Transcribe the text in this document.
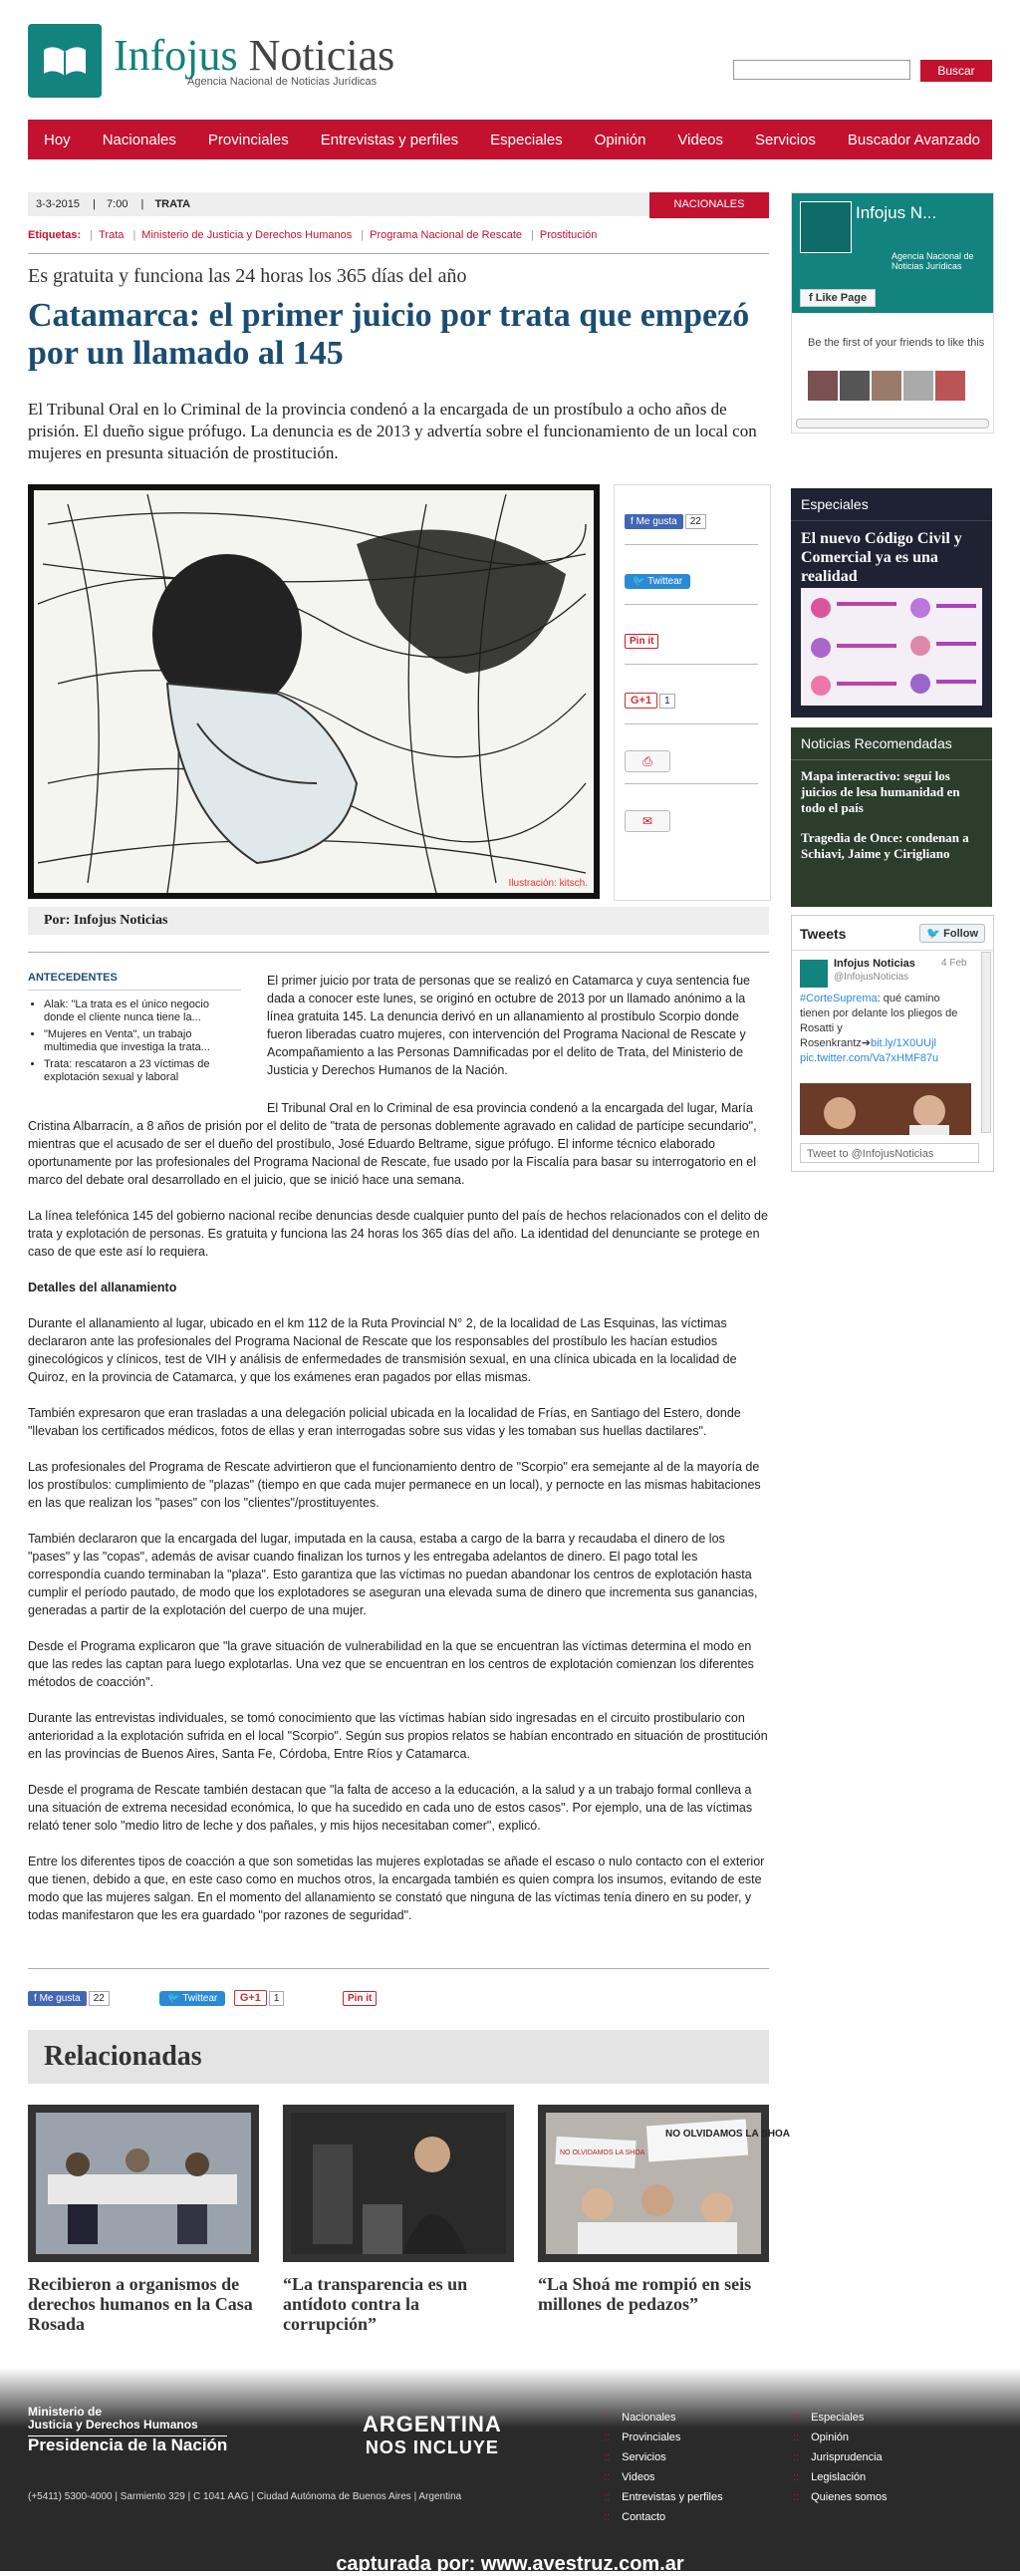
Infojus Noticias
Agencia Nacional de Noticias Jurídicas
Buscar
Hoy	Nacionales	Provinciales	Entrevistas y perfiles	Especiales	Opinión	Videos	Servicios	Buscador Avanzado
3-3-2015 | 7:00 | TRATA	NACIONALES
Etiquetas: | Trata | Ministerio de Justicia y Derechos Humanos | Programa Nacional de Rescate | Prostitución
Es gratuita y funciona las 24 horas los 365 días del año
Catamarca: el primer juicio por trata que empezó por un llamado al 145
El Tribunal Oral en lo Criminal de la provincia condenó a la encargada de un prostíbulo a ocho años de prisión. El dueño sigue prófugo. La denuncia es de 2013 y advertía sobre el funcionamiento de un local con mujeres en presunta situación de prostitución.
Ilustración: kitsch.
f Me gusta 22
🐦 Twittear
Pin it
G+1 1
⎙
✉
Por: Infojus Noticias
ANTECEDENTES
• Alak: "La trata es el único negocio donde el cliente nunca tiene la...
• "Mujeres en Venta", un trabajo multimedia que investiga la trata...
• Trata: rescataron a 23 víctimas de explotación sexual y laboral

El primer juicio por trata de personas que se realizó en Catamarca y cuya sentencia fue dada a conocer este lunes, se originó en octubre de 2013 por un llamado anónimo a la línea gratuita 145. La denuncia derivó en un allanamiento al prostíbulo Scorpio donde fueron liberadas cuatro mujeres, con intervención del Programa Nacional de Rescate y Acompañamiento a las Personas Damnificadas por el delito de Trata, del Ministerio de Justicia y Derechos Humanos de la Nación.

El Tribunal Oral en lo Criminal de esa provincia condenó a la encargada del lugar, María Cristina Albarracín, a 8 años de prisión por el delito de "trata de personas doblemente agravado en calidad de partícipe secundario", mientras que el acusado de ser el dueño del prostíbulo, José Eduardo Beltrame, sigue prófugo. El informe técnico elaborado oportunamente por las profesionales del Programa Nacional de Rescate, fue usado por la Fiscalía para basar su interrogatorio en el marco del debate oral desarrollado en el juicio, que se inició hace una semana.

La línea telefónica 145 del gobierno nacional recibe denuncias desde cualquier punto del país de hechos relacionados con el delito de trata y explotación de personas. Es gratuita y funciona las 24 horas los 365 días del año. La identidad del denunciante se protege en caso de que este así lo requiera.

Detalles del allanamiento

Durante el allanamiento al lugar, ubicado en el km 112 de la Ruta Provincial N° 2, de la localidad de Las Esquinas, las víctimas declararon ante las profesionales del Programa Nacional de Rescate que los responsables del prostíbulo les hacían estudios ginecológicos y clínicos, test de VIH y análisis de enfermedades de transmisión sexual, en una clínica ubicada en la localidad de Quiroz, en la provincia de Catamarca, y que los exámenes eran pagados por ellas mismas.

También expresaron que eran trasladas a una delegación policial ubicada en la localidad de Frías, en Santiago del Estero, donde "llevaban los certificados médicos, fotos de ellas y eran interrogadas sobre sus vidas y les tomaban sus huellas dactilares".

Las profesionales del Programa de Rescate advirtieron que el funcionamiento dentro de "Scorpio" era semejante al de la mayoría de los prostíbulos: cumplimiento de "plazas" (tiempo en que cada mujer permanece en un local), y pernocte en las mismas habitaciones en las que realizan los "pases" con los "clientes"/prostituyentes.

También declararon que la encargada del lugar, imputada en la causa, estaba a cargo de la barra y recaudaba el dinero de los "pases" y las "copas", además de avisar cuando finalizan los turnos y les entregaba adelantos de dinero. El pago total les correspondía cuando terminaban la "plaza". Esto garantiza que las víctimas no puedan abandonar los centros de explotación hasta cumplir el período pautado, de modo que los explotadores se aseguran una elevada suma de dinero que incrementa sus ganancias, generadas a partir de la explotación del cuerpo de una mujer.

Desde el Programa explicaron que "la grave situación de vulnerabilidad en la que se encuentran las víctimas determina el modo en que las redes las captan para luego explotarlas. Una vez que se encuentran en los centros de explotación comienzan los diferentes métodos de coacción".

Durante las entrevistas individuales, se tomó conocimiento que las víctimas habían sido ingresadas en el circuito prostibulario con anterioridad a la explotación sufrida en el local "Scorpio". Según sus propios relatos se habían encontrado en situación de prostitución en las provincias de Buenos Aires, Santa Fe, Córdoba, Entre Ríos y Catamarca.

Desde el programa de Rescate también destacan que "la falta de acceso a la educación, a la salud y a un trabajo formal conlleva a una situación de extrema necesidad económica, lo que ha sucedido en cada uno de estos casos". Por ejemplo, una de las víctimas relató tener solo "medio litro de leche y dos pañales, y mis hijos necesitaban comer", explicó.

Entre los diferentes tipos de coacción a que son sometidas las mujeres explotadas se añade el escaso o nulo contacto con el exterior que tienen, debido a que, en este caso como en muchos otros, la encargada también es quien compra los insumos, evitando de este modo que las mujeres salgan. En el momento del allanamiento se constató que ninguna de las víctimas tenía dinero en su poder, y todas manifestaron que les era guardado "por razones de seguridad".

f Me gusta 22	🐦 Twittear G+1 1	Pin it
Relacionadas
Recibieron a organismos de derechos humanos en la Casa Rosada
“La transparencia es un antídoto contra la corrupción”
NO OLVIDAMOS LA SHOA
NO OLVIDAMOS LA SHOA
“La Shoá me rompió en seis millones de pedazos”
Infojus N...
Agencia Nacional de Noticias Jurídicas
f Like Page
Be the first of your friends to like this
Especiales
El nuevo Código Civil y Comercial ya es una realidad
Noticias Recomendadas
Mapa interactivo: seguí los juicios de lesa humanidad en todo el país
Tragedia de Once: condenan a Schiavi, Jaime y Cirigliano
Tweets	🐦 Follow
Infojus Noticias	4 Feb
@InfojusNoticias
#CorteSuprema: qué camino tienen por delante los pliegos de Rosatti y Rosenkrantz➔bit.ly/1X0UUjl
pic.twitter.com/Va7xHMF87u
Tweet to @InfojusNoticias
Ministerio de
Justicia y Derechos Humanos
Presidencia de la Nación
ARGENTINA
NOS INCLUYE
(+5411) 5300-4000 | Sarmiento 329 | C 1041 AAG | Ciudad Autónoma de Buenos Aires | Argentina
:: Nacionales
:: Provinciales
:: Servicios
:: Videos
:: Entrevistas y perfiles
:: Contacto
:: Especiales
:: Opinión
:: Jurisprudencia
:: Legislación
:: Quienes somos
capturada por: www.avestruz.com.ar
